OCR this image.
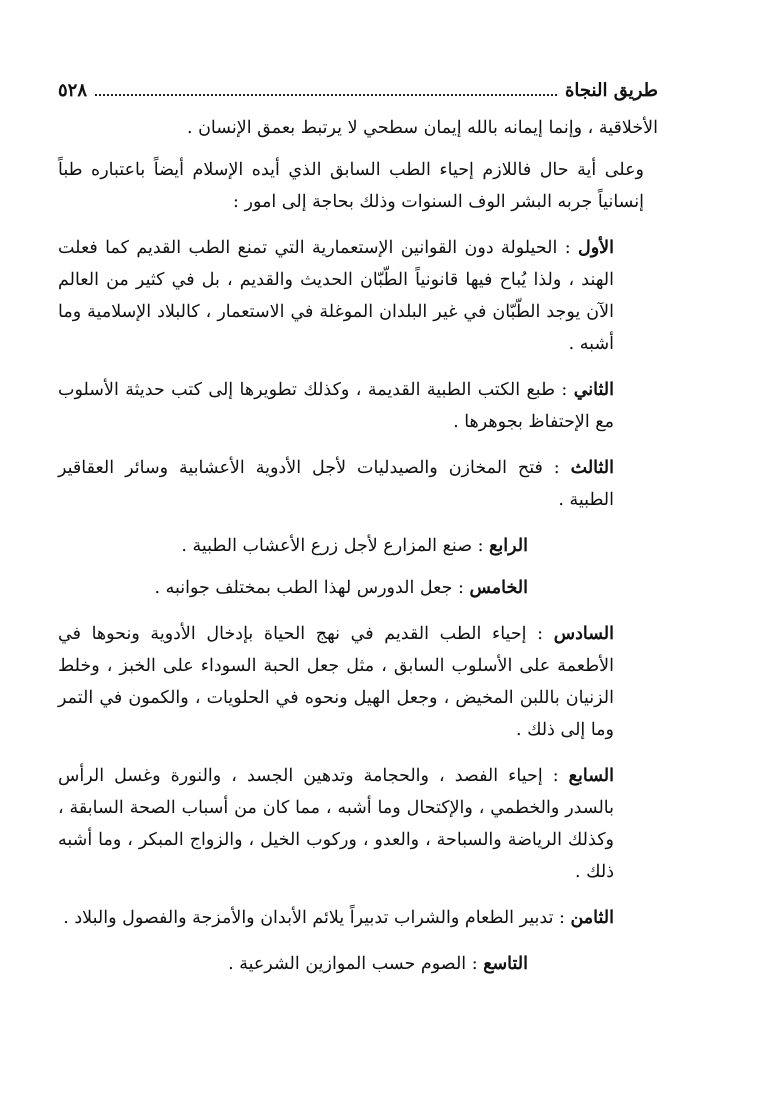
طريق النجاة
٥٢٨

الأخلاقية ، وإنما إيمانه بالله إيمان سطحي لا يرتبط بعمق الإنسان .

وعلى أية حال فاللازم إحياء الطب السابق الذي أيده الإسلام أيضاً باعتباره طباً إنسانياً جربه البشر الوف السنوات وذلك بحاجة إلى امور :

الأول : الحيلولة دون القوانين الإستعمارية التي تمنع الطب القديم كما فعلت الهند ، ولذا يُباح فيها قانونياً الطّبّان الحديث والقديم ، بل في كثير من العالم الآن يوجد الطّبّان في غير البلدان الموغلة في الاستعمار ، كالبلاد الإسلامية وما أشبه .

الثاني : طبع الكتب الطبية القديمة ، وكذلك تطويرها إلى كتب حديثة الأسلوب مع الإحتفاظ بجوهرها .

الثالث : فتح المخازن والصيدليات لأجل الأدوية الأعشابية وسائر العقاقير الطبية .

الرابع : صنع المزارع لأجل زرع الأعشاب الطبية .

الخامس : جعل الدورس لهذا الطب بمختلف جوانبه .

السادس : إحياء الطب القديم في نهج الحياة بإدخال الأدوية ونحوها في الأطعمة على الأسلوب السابق ، مثل جعل الحبة السوداء على الخبز ، وخلط الزنيان باللبن المخيض ، وجعل الهيل ونحوه في الحلويات ، والكمون في التمر وما إلى ذلك .

السابع : إحياء الفصد ، والحجامة وتدهين الجسد ، والنورة وغسل الرأس بالسدر والخطمي ، والإكتحال وما أشبه ، مما كان من أسباب الصحة السابقة ، وكذلك الرياضة والسباحة ، والعدو ، وركوب الخيل ، والزواج المبكر ، وما أشبه ذلك .

الثامن : تدبير الطعام والشراب تدبيراً يلائم الأبدان والأمزجة والفصول والبلاد .

التاسع : الصوم حسب الموازين الشرعية .
